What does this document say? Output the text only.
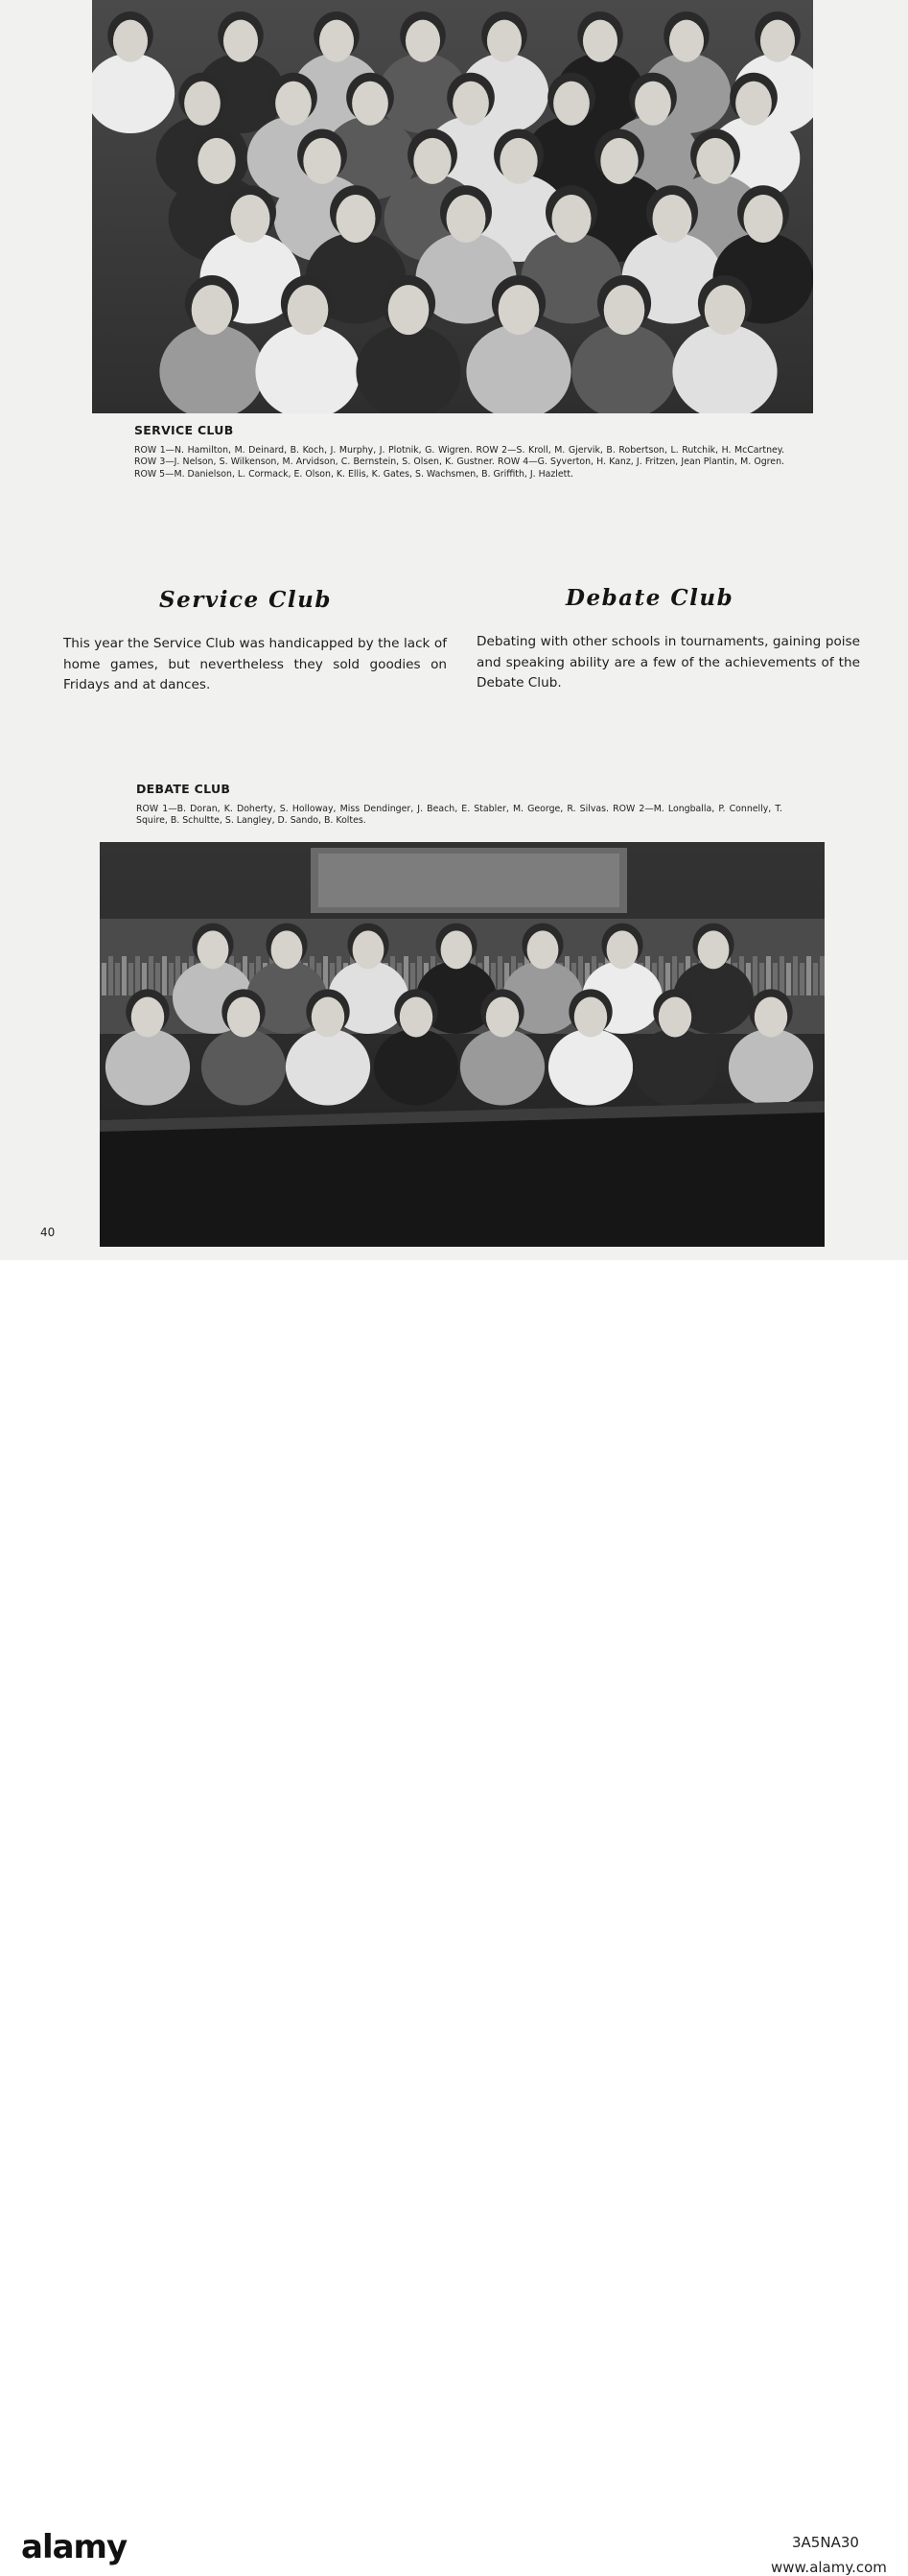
SERVICE CLUB
ROW 1—N. Hamilton, M. Deinard, B. Koch, J. Murphy, J. Plotnik, G. Wigren. ROW 2—S. Kroll, M. Gjervik, B. Robertson, L. Rutchik, H. McCartney. ROW 3—J. Nelson, S. Wilkenson, M. Arvidson, C. Bernstein, S. Olsen, K. Gustner. ROW 4—G. Syverton, H. Kanz, J. Fritzen, Jean Plantin, M. Ogren. ROW 5—M. Danielson, L. Cormack, E. Olson, K. Ellis, K. Gates, S. Wachsmen, B. Griffith, J. Hazlett.
Service Club
This year the Service Club was handicapped by the lack of home games, but nevertheless they sold goodies on Fridays and at dances.
Debate Club
Debating with other schools in tournaments, gaining poise and speaking ability are a few of the achievements of the Debate Club.
DEBATE CLUB
ROW 1—B. Doran, K. Doherty, S. Holloway, Miss Dendinger, J. Beach, E. Stabler, M. George, R. Silvas. ROW 2—M. Longballa, P. Connelly, T. Squire, B. Schultte, S. Langley, D. Sando, B. Koltes.
40
alamy	3A5NA30
www.alamy.com
